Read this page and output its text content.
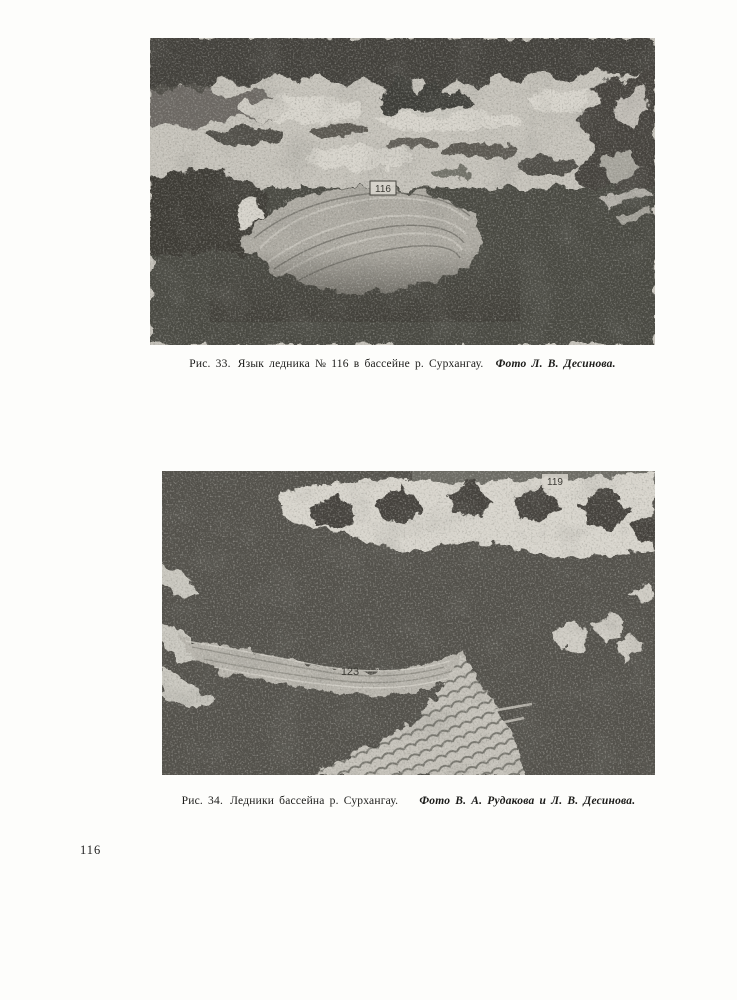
116
Рис. 33. Язык ледника № 116 в бассейне р. Сурхангау. Фото Л. В. Десинова.
119
123
Рис. 34. Ледники бассейна р. Сурхангау. Фото В. А. Рудакова и Л. В. Десинова.
116
